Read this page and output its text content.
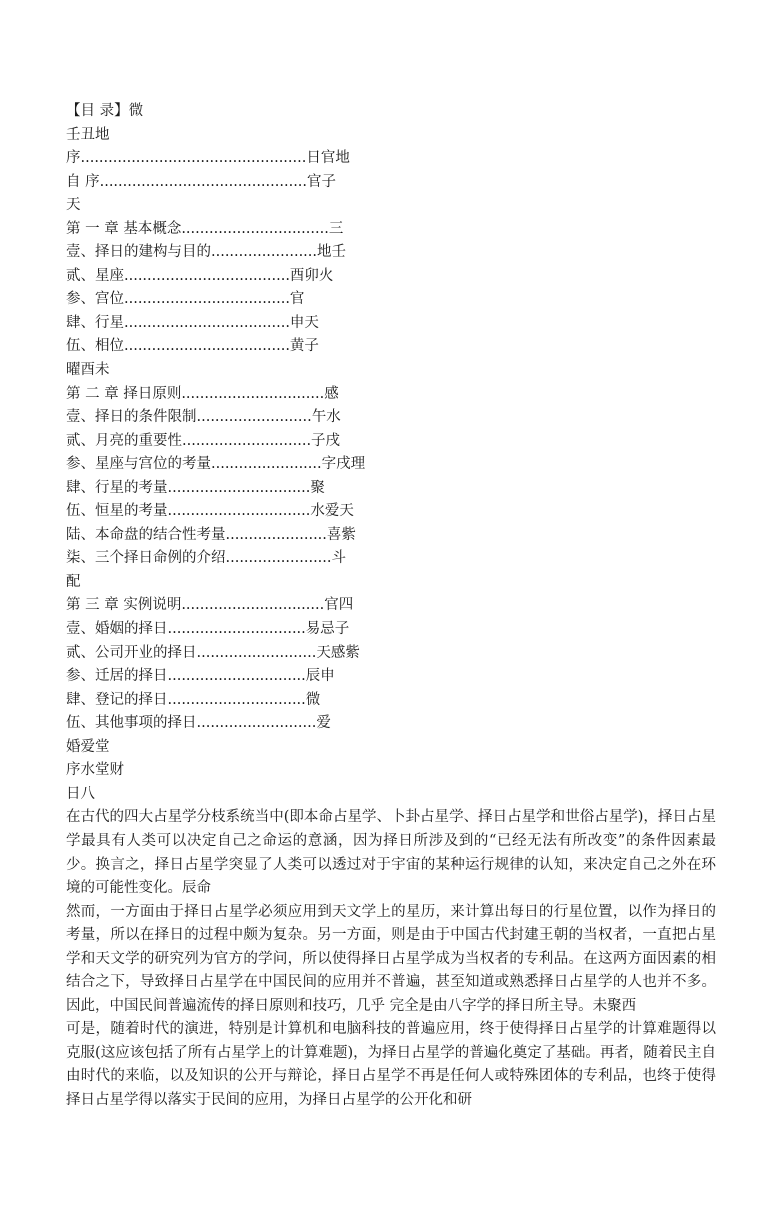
【目 录】微
壬丑地
序.................................................日官地
自 序.............................................官子
天
第 一 章 基本概念................................三
壹、择日的建构与目的.......................地壬
贰、星座....................................酉卯火
参、宫位....................................官
肆、行星....................................申天
伍、相位....................................黄子
曜酉未
第 二 章 择日原则...............................感
壹、择日的条件限制.........................午水
贰、月亮的重要性............................子戌
参、星座与宫位的考量........................字戌理
肆、行星的考量...............................聚
伍、恒星的考量...............................水爱天
陆、本命盘的结合性考量......................喜紫
柒、三个择日命例的介绍.......................斗
配
第 三 章 实例说明...............................官四
壹、婚姻的择日..............................易忌子
贰、公司开业的择日..........................天感紫
参、迁居的择日..............................辰申
肆、登记的择日..............................微
伍、其他事项的择日..........................爱
婚爱堂
序水堂财
日八

在古代的四大占星学分枝系统当中(即本命占星学、卜卦占星学、择日占星学和世俗占星学)，择日占星学最具有人类可以决定自己之命运的意涵，因为择日所涉及到的“已经无法有所改变”的条件因素最少。换言之，择日占星学突显了人类可以透过对于宇宙的某种运行规律的认知，来决定自己之外在环境的可能性变化。辰命

然而，一方面由于择日占星学必须应用到天文学上的星历，来计算出每日的行星位置，以作为择日的考量，所以在择日的过程中颇为复杂。另一方面，则是由于中国古代封建王朝的当权者，一直把占星学和天文学的研究列为官方的学问，所以使得择日占星学成为当权者的专利品。在这两方面因素的相结合之下，导致择日占星学在中国民间的应用并不普遍，甚至知道或熟悉择日占星学的人也并不多。因此，中国民间普遍流传的择日原则和技巧，几乎 完全是由八字学的择日所主导。未聚西

可是，随着时代的演进，特别是计算机和电脑科技的普遍应用，终于使得择日占星学的计算难题得以克服(这应该包括了所有占星学上的计算难题)，为择日占星学的普遍化奠定了基础。再者，随着民主自由时代的来临，以及知识的公开与辩论，择日占星学不再是任何人或特殊团体的专利品，也终于使得择日占星学得以落实于民间的应用，为择日占星学的公开化和研
